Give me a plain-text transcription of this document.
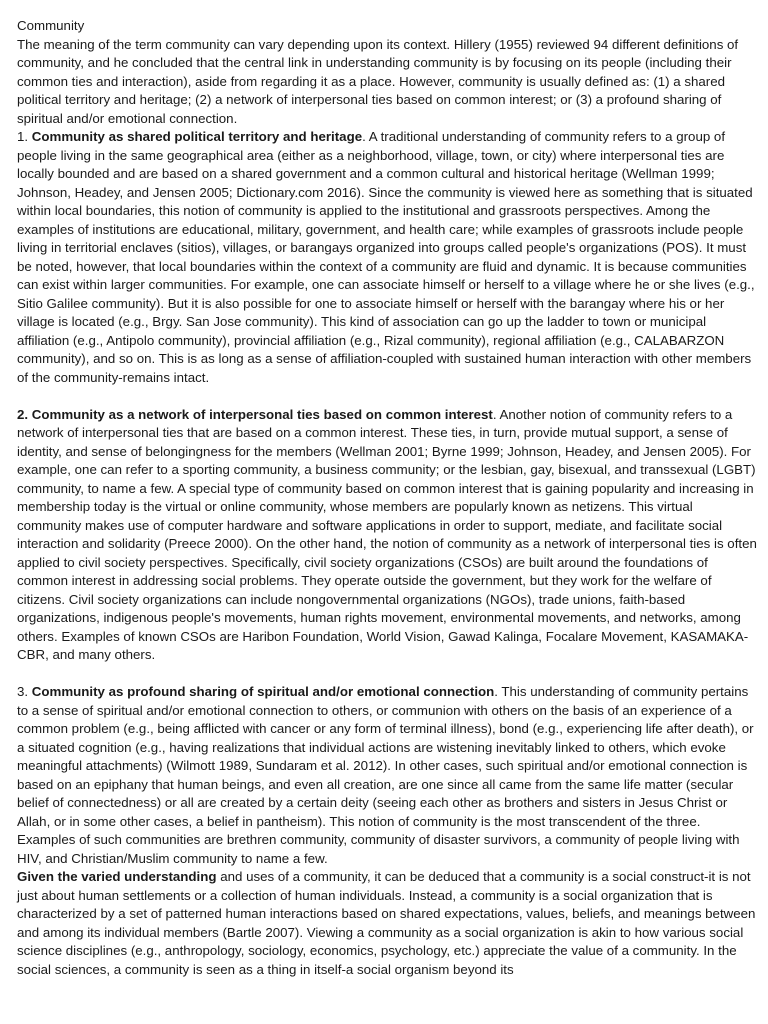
Community

The meaning of the term community can vary depending upon its context. Hillery (1955) reviewed 94 different definitions of community, and he concluded that the central link in understanding community is by focusing on its people (including their common ties and interaction), aside from regarding it as a place. However, community is usually defined as: (1) a shared political territory and heritage; (2) a network of interpersonal ties based on common interest; or (3) a profound sharing of spiritual and/or emotional connection.

1. Community as shared political territory and heritage. A traditional understanding of community refers to a group of people living in the same geographical area (either as a neighborhood, village, town, or city) where interpersonal ties are locally bounded and are based on a shared government and a common cultural and historical heritage (Wellman 1999; Johnson, Headey, and Jensen 2005; Dictionary.com 2016). Since the community is viewed here as something that is situated within local boundaries, this notion of community is applied to the institutional and grassroots perspectives. Among the examples of institutions are educational, military, government, and health care; while examples of grassroots include people living in territorial enclaves (sitios), villages, or barangays organized into groups called people's organizations (POS). It must be noted, however, that local boundaries within the context of a community are fluid and dynamic. It is because communities can exist within larger communities. For example, one can associate himself or herself to a village where he or she lives (e.g., Sitio Galilee community). But it is also possible for one to associate himself or herself with the barangay where his or her village is located (e.g., Brgy. San Jose community). This kind of association can go up the ladder to town or municipal affiliation (e.g., Antipolo community), provincial affiliation (e.g., Rizal community), regional affiliation (e.g., CALABARZON community), and so on. This is as long as a sense of affiliation-coupled with sustained human interaction with other members of the community-remains intact.

2. Community as a network of interpersonal ties based on common interest. Another notion of community refers to a network of interpersonal ties that are based on a common interest. These ties, in turn, provide mutual support, a sense of identity, and sense of belongingness for the members (Wellman 2001; Byrne 1999; Johnson, Headey, and Jensen 2005). For example, one can refer to a sporting community, a business community; or the lesbian, gay, bisexual, and transsexual (LGBT) community, to name a few. A special type of community based on common interest that is gaining popularity and increasing in membership today is the virtual or online community, whose members are popularly known as netizens. This virtual community makes use of computer hardware and software applications in order to support, mediate, and facilitate social interaction and solidarity (Preece 2000). On the other hand, the notion of community as a network of interpersonal ties is often applied to civil society perspectives. Specifically, civil society organizations (CSOs) are built around the foundations of common interest in addressing social problems. They operate outside the government, but they work for the welfare of citizens. Civil society organizations can include nongovernmental organizations (NGOs), trade unions, faith-based organizations, indigenous people's movements, human rights movement, environmental movements, and networks, among others. Examples of known CSOs are Haribon Foundation, World Vision, Gawad Kalinga, Focalare Movement, KASAMAKA-CBR, and many others.

3. Community as profound sharing of spiritual and/or emotional connection. This understanding of community pertains to a sense of spiritual and/or emotional connection to others, or communion with others on the basis of an experience of a common problem (e.g., being afflicted with cancer or any form of terminal illness), bond (e.g., experiencing life after death), or a situated cognition (e.g., having realizations that individual actions are wistening inevitably linked to others, which evoke meaningful attachments) (Wilmott 1989, Sundaram et al. 2012). In other cases, such spiritual and/or emotional connection is based on an epiphany that human beings, and even all creation, are one since all came from the same life matter (secular belief of connectedness) or all are created by a certain deity (seeing each other as brothers and sisters in Jesus Christ or Allah, or in some other cases, a belief in pantheism). This notion of community is the most transcendent of the three. Examples of such communities are brethren community, community of disaster survivors, a community of people living with HIV, and Christian/Muslim community to name a few.

Given the varied understanding and uses of a community, it can be deduced that a community is a social construct-it is not just about human settlements or a collection of human individuals. Instead, a community is a social organization that is characterized by a set of patterned human interactions based on shared expectations, values, beliefs, and meanings between and among its individual members (Bartle 2007). Viewing a community as a social organization is akin to how various social science disciplines (e.g., anthropology, sociology, economics, psychology, etc.) appreciate the value of a community. In the social sciences, a community is seen as a thing in itself-a social organism beyond its
